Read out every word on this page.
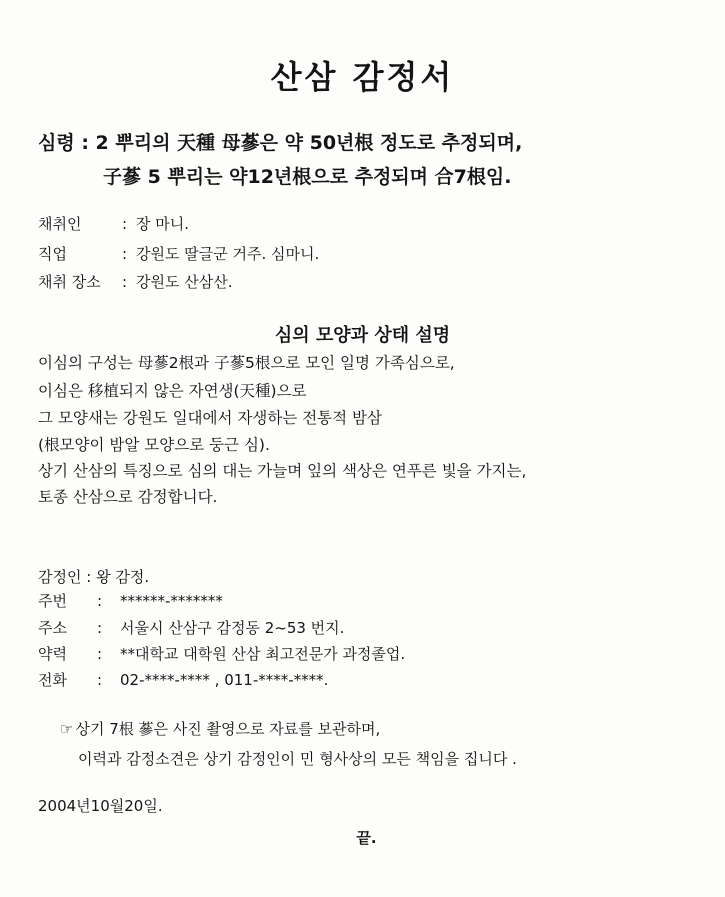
산삼 감정서
심령 : 2 뿌리의 天種 母蔘은 약 50년根 정도로 추정되며,
子蔘 5 뿌리는 약12년根으로 추정되며 合7根임.
채취인	: 장 마니.
직업	: 강원도 딸글군 거주. 심마니.
채취 장소 : 강원도 산삼산.
심의 모양과 상태 설명
이심의 구성는 母蔘2根과 子蔘5根으로 모인 일명 가족심으로,
이심은 移植되지 않은 자연생(天種)으로
그 모양새는 강원도 일대에서 자생하는 전통적 밤삼
(根모양이 밤알 모양으로 둥근 심).
상기 산삼의 특징으로 심의 대는 가늘며 잎의 색상은 연푸른 빛을 가지는,
토종 산삼으로 감정합니다.
감정인 : 왕 감정.
주번 : ******-*******
주소 : 서울시 산삼구 감정동 2~53 번지.
약력 : **대학교 대학원 산삼 최고전문가 과정졸업.
전화 : 02-****-**** , 011-****-****.
☞ 상기 7根 蔘은 사진 촬영으로 자료를 보관하며,
이력과 감정소견은 상기 감정인이 민 형사상의 모든 책임을 집니다 .
2004년10월20일.
끝.
